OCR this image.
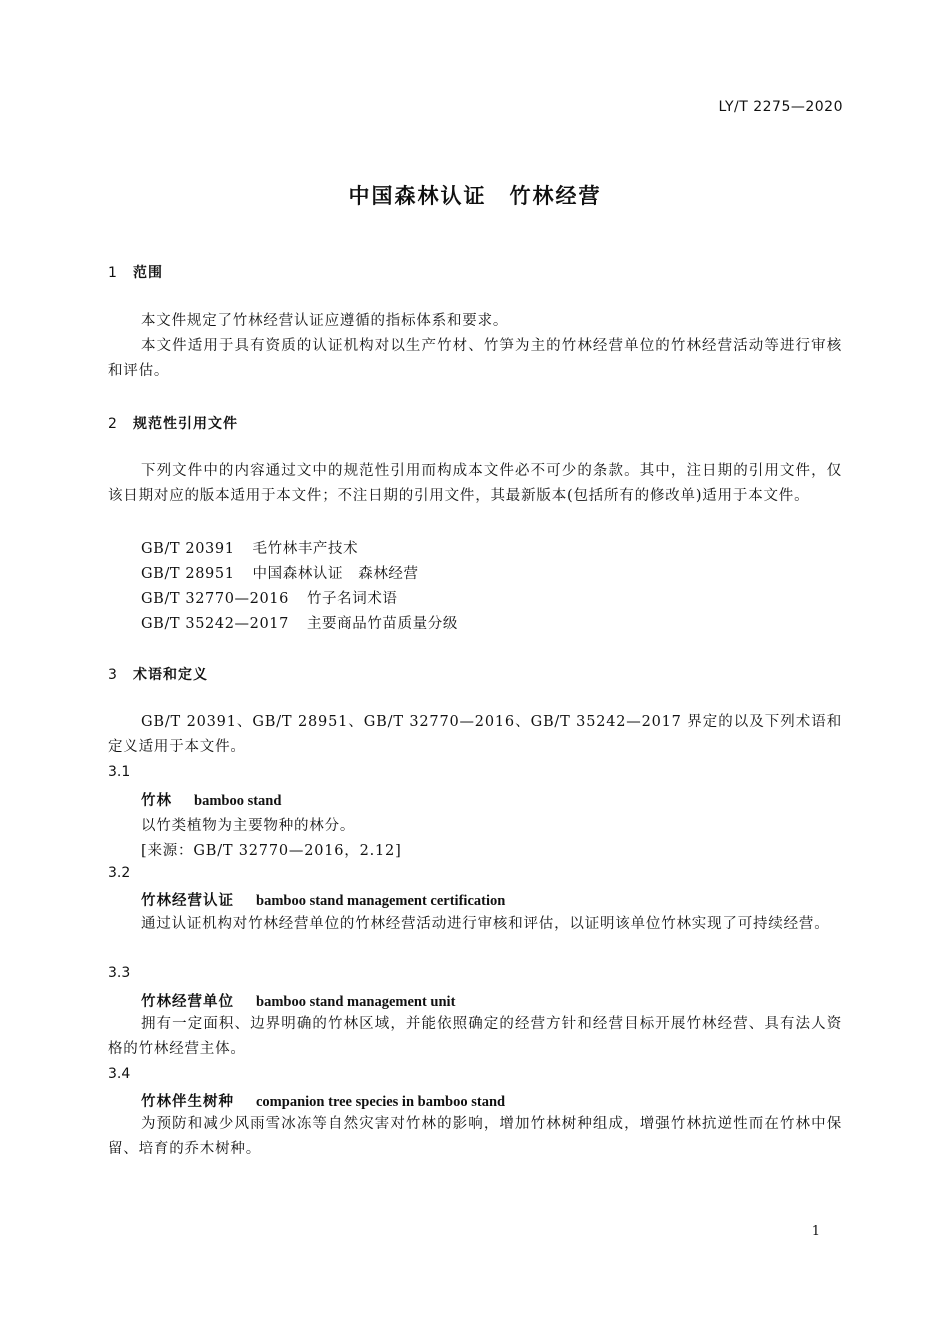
LY/T 2275—2020
中国森林认证　竹林经营
1 范围
本文件规定了竹林经营认证应遵循的指标体系和要求。
本文件适用于具有资质的认证机构对以生产竹材、竹笋为主的竹林经营单位的竹林经营活动等进行审核和评估。
2 规范性引用文件
下列文件中的内容通过文中的规范性引用而构成本文件必不可少的条款。其中，注日期的引用文件，仅该日期对应的版本适用于本文件；不注日期的引用文件，其最新版本(包括所有的修改单)适用于本文件。
GB/T 20391 毛竹林丰产技术
GB/T 28951 中国森林认证　森林经营
GB/T 32770—2016 竹子名词术语
GB/T 35242—2017 主要商品竹苗质量分级
3 术语和定义
GB/T 20391、GB/T 28951、GB/T 32770—2016、GB/T 35242—2017 界定的以及下列术语和定义适用于本文件。
3.1
竹林 bamboo stand
以竹类植物为主要物种的林分。
[来源：GB/T 32770—2016，2.12]
3.2
竹林经营认证 bamboo stand management certification
通过认证机构对竹林经营单位的竹林经营活动进行审核和评估，以证明该单位竹林实现了可持续经营。
3.3
竹林经营单位 bamboo stand management unit
拥有一定面积、边界明确的竹林区域，并能依照确定的经营方针和经营目标开展竹林经营、具有法人资格的竹林经营主体。
3.4
竹林伴生树种 companion tree species in bamboo stand
为预防和减少风雨雪冰冻等自然灾害对竹林的影响，增加竹林树种组成，增强竹林抗逆性而在竹林中保留、培育的乔木树种。
1
